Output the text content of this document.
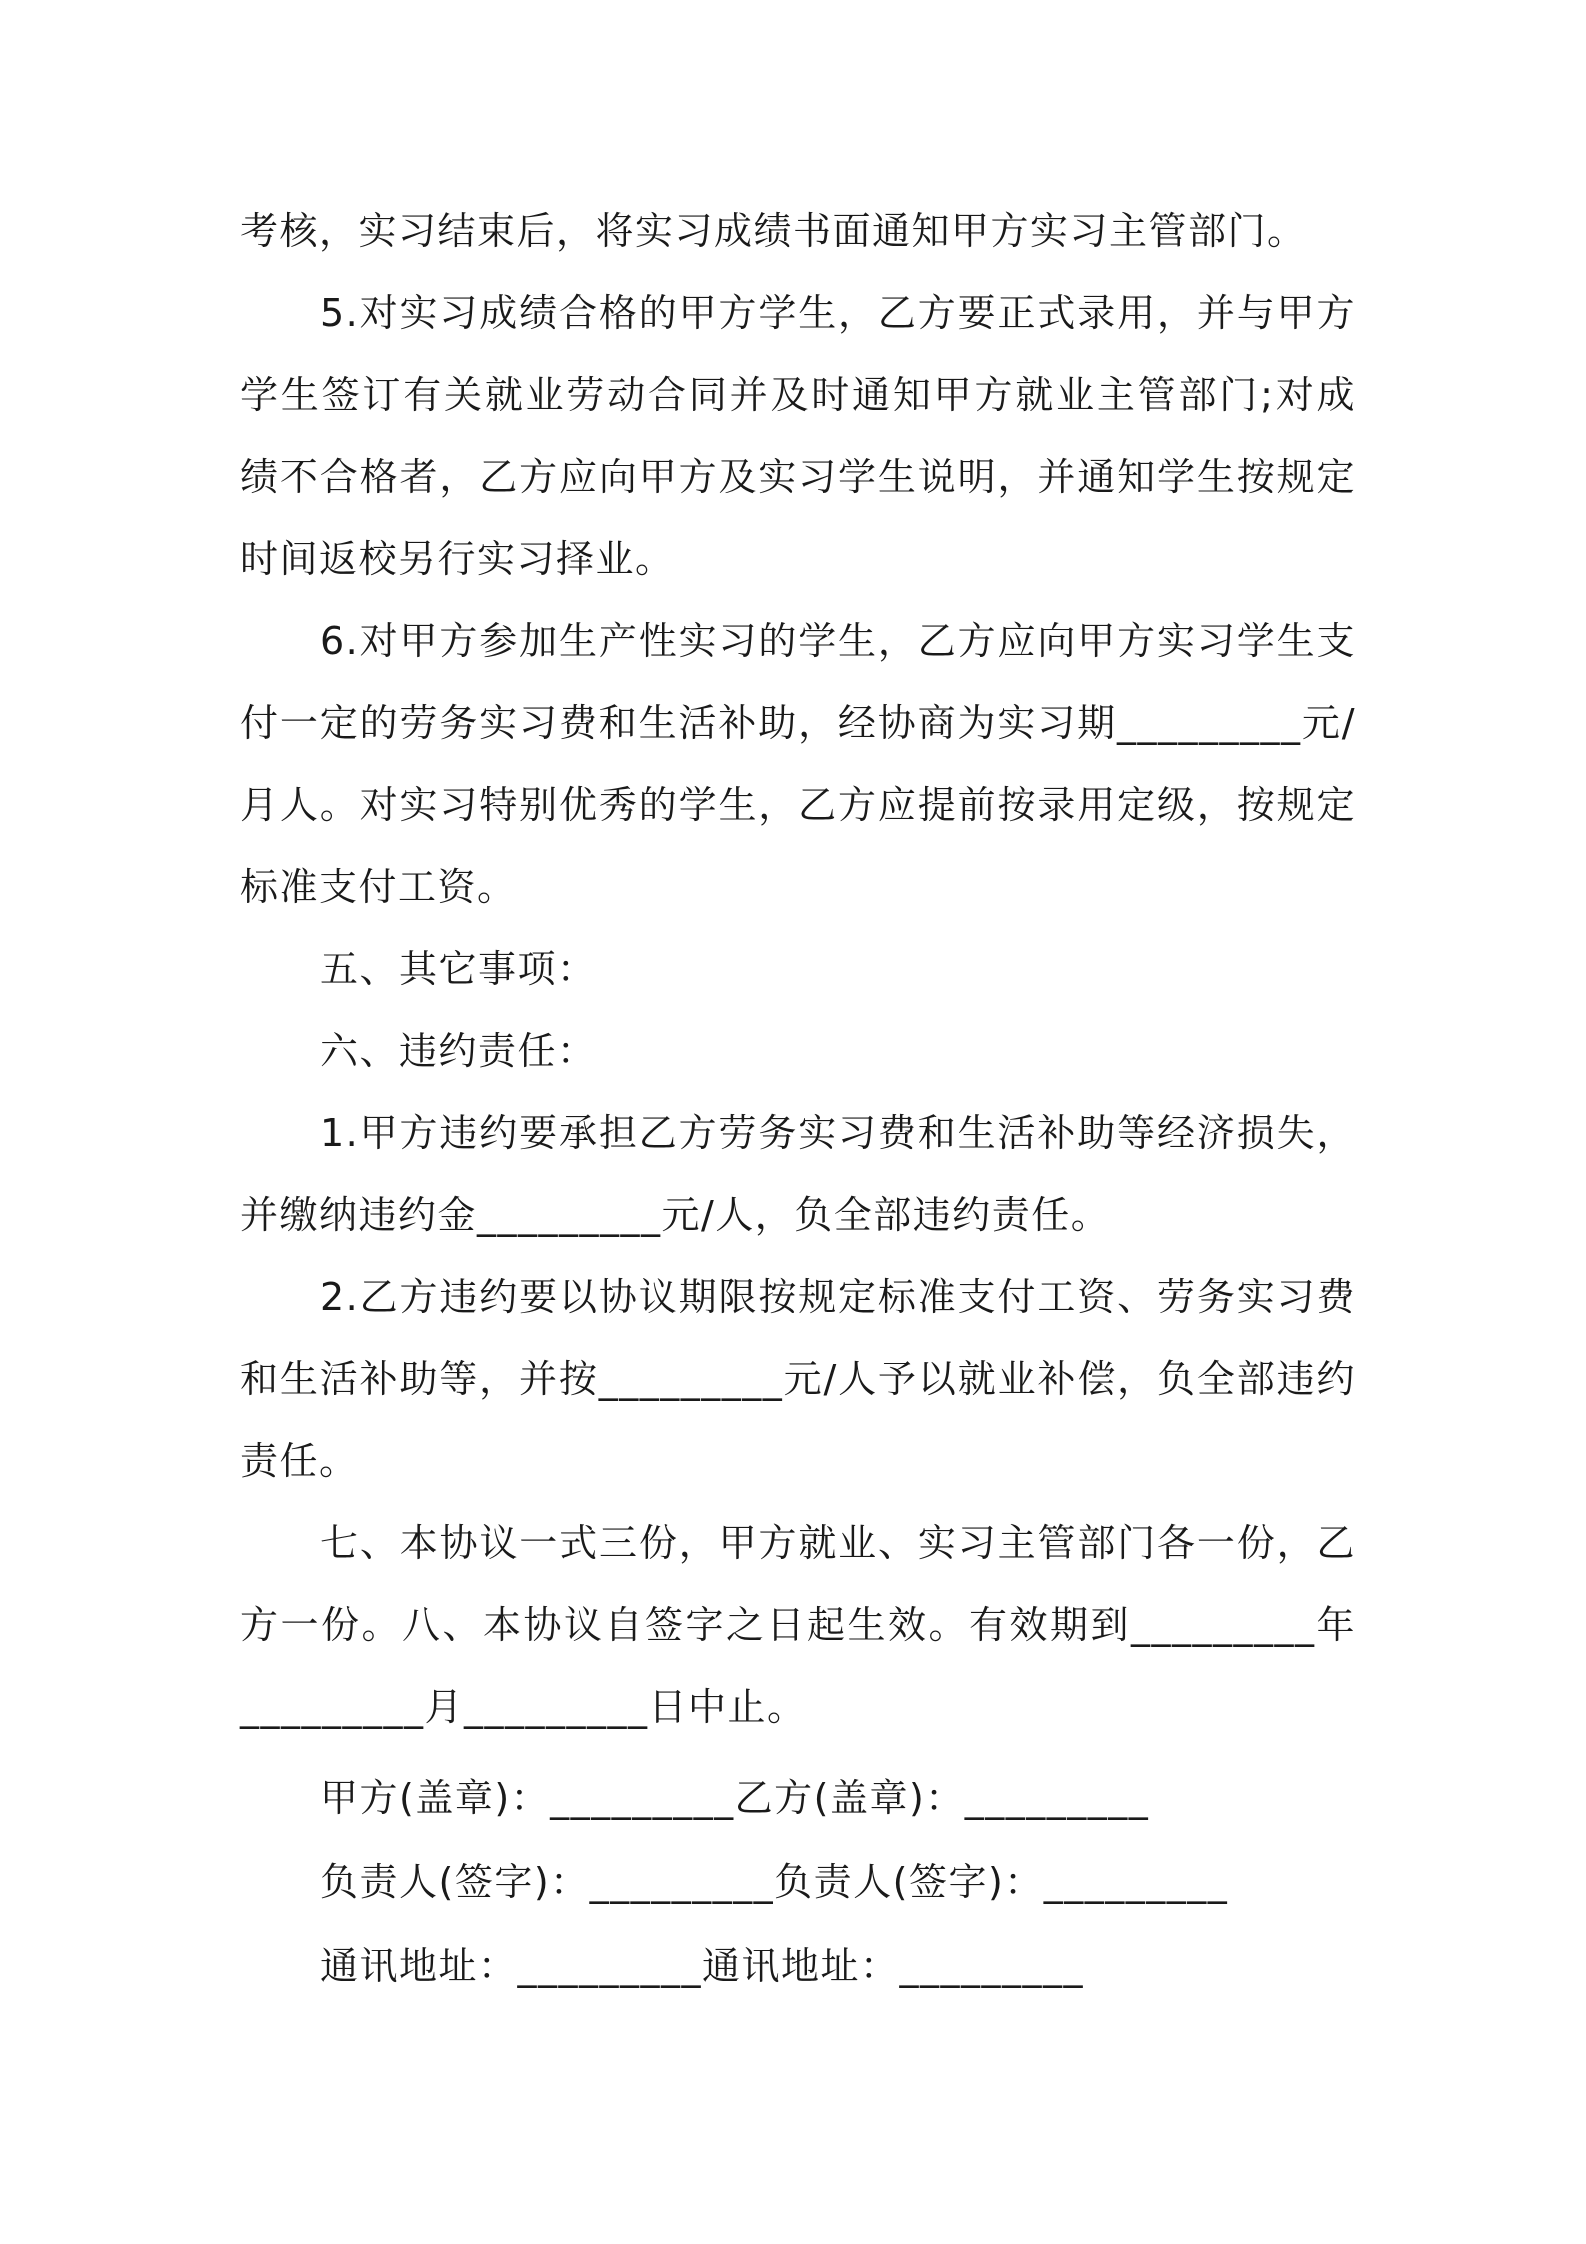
考核，实习结束后，将实习成绩书面通知甲方实习主管部门。

5.对实习成绩合格的甲方学生，乙方要正式录用，并与甲方学生签订有关就业劳动合同并及时通知甲方就业主管部门;对成绩不合格者，乙方应向甲方及实习学生说明，并通知学生按规定时间返校另行实习择业。

6.对甲方参加生产性实习的学生，乙方应向甲方实习学生支付一定的劳务实习费和生活补助，经协商为实习期_________元/月人。对实习特别优秀的学生，乙方应提前按录用定级，按规定标准支付工资。

五、其它事项：

六、违约责任：

1.甲方违约要承担乙方劳务实习费和生活补助等经济损失，并缴纳违约金_________元/人，负全部违约责任。

2.乙方违约要以协议期限按规定标准支付工资、劳务实习费和生活补助等，并按_________元/人予以就业补偿，负全部违约责任。

七、本协议一式三份，甲方就业、实习主管部门各一份，乙方一份。八、本协议自签字之日起生效。有效期到_________年_________月_________日中止。

甲方(盖章)：_________乙方(盖章)：_________

负责人(签字)：_________负责人(签字)：_________

通讯地址：_________通讯地址：_________
